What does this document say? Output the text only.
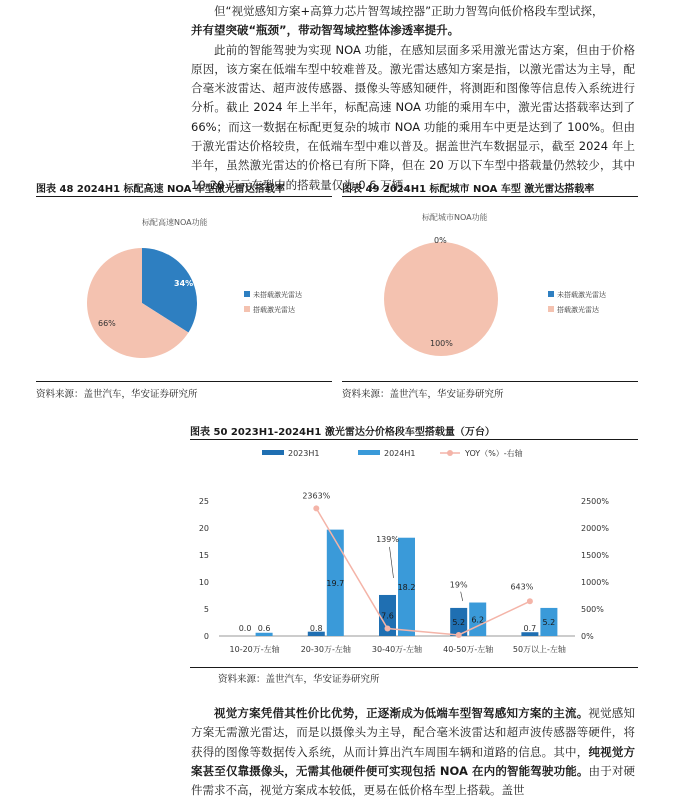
但“视觉感知方案+高算力芯片智驾域控器”正助力智驾向低价格段车型试探，
并有望突破“瓶颈”，带动智驾域控整体渗透率提升。

此前的智能驾驶为实现 NOA 功能，在感知层面多采用激光雷达方案，但由于价格原因，该方案在低端车型中较难普及。激光雷达感知方案是指，以激光雷达为主导，配合毫米波雷达、超声波传感器、摄像头等感知硬件，将测距和图像等信息传入系统进行分析。截止 2024 年上半年，标配高速 NOA 功能的乘用车中，激光雷达搭载率达到了 66%；而这一数据在标配更复杂的城市 NOA 功能的乘用车中更是达到了 100%。但由于激光雷达价格较贵，在低端车型中难以普及。据盖世汽车数据显示，截至 2024 年上半年，虽然激光雷达的价格已有所下降，但在 20 万以下车型中搭载量仍然较少，其中 10-20 万元车型中的搭载量仅为 0.6 万辆。

图表 48 2024H1 标配高速 NOA 车型激光雷达搭载率	图表 49 2024H1 标配城市 NOA 车型 激光雷达搭载率
标配高速NOA功能
34%
66%
未搭载激光雷达
搭载激光雷达
标配城市NOA功能
0%
100%
未搭载激光雷达
搭载激光雷达
资料来源：盖世汽车，华安证券研究所	资料来源：盖世汽车，华安证券研究所
图表 50 2023H1-2024H1 激光雷达分价格段车型搭载量（万台）
2023H1	2024H1	YOY（%）-右轴
0	0%
5	500%
10	1000%
15	1500%
20	2000%
25	2500%
10-20万-左轴	20-30万-左轴	30-40万-左轴	40-50万-左轴 50万以上-左轴
0.0	0.8
7.6
5.2
0.7
0.6
19.7	18.2
6.2	5.2
2363%
139%
19%	643%
资料来源：盖世汽车，华安证券研究所

视觉方案凭借其性价比优势，正逐渐成为低端车型智驾感知方案的主流。视觉感知方案无需激光雷达，而是以摄像头为主导，配合毫米波雷达和超声波传感器等硬件，将获得的图像等数据传入系统，从而计算出汽车周围车辆和道路的信息。其中，纯视觉方案甚至仅靠摄像头，无需其他硬件便可实现包括 NOA 在内的智能驾驶功能。由于对硬件需求不高，视觉方案成本较低，更易在低价格车型上搭载。盖世
